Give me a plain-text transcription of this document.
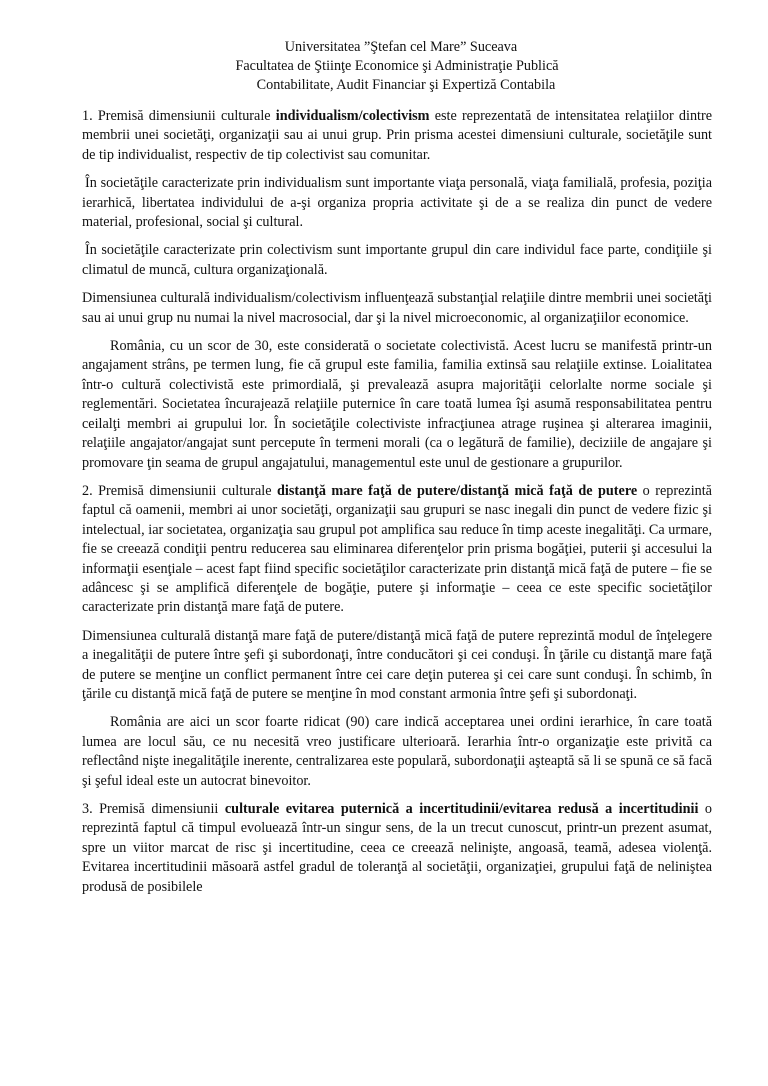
Universitatea ”Ştefan cel Mare” Suceava
Facultatea de Ştiinţe Economice şi Administraţie Publică
Contabilitate, Audit Financiar şi Expertiză Contabila

1. Premisă dimensiunii culturale individualism/colectivism este reprezentată de intensitatea relaţiilor dintre membrii unei societăţi, organizaţii sau ai unui grup. Prin prisma acestei dimensiuni culturale, societăţile sunt de tip individualist, respectiv de tip colectivist sau comunitar.

În societăţile caracterizate prin individualism sunt importante viaţa personală, viaţa familială, profesia, poziţia ierarhică, libertatea individului de a-şi organiza propria activitate şi de a se realiza din punct de vedere material, profesional, social şi cultural.

În societăţile caracterizate prin colectivism sunt importante grupul din care individul face parte, condiţiile şi climatul de muncă, cultura organizaţională.

Dimensiunea culturală individualism/colectivism influenţează substanţial relaţiile dintre membrii unei societăţi sau ai unui grup nu numai la nivel macrosocial, dar şi la nivel microeconomic, al organizaţiilor economice.

România, cu un scor de 30, este considerată o societate colectivistă. Acest lucru se manifestă printr-un angajament strâns, pe termen lung, fie că grupul este familia, familia extinsă sau relaţiile extinse. Loialitatea într-o cultură colectivistă este primordială, şi prevalează asupra majorităţii celorlalte norme sociale şi reglementări. Societatea încurajează relaţiile puternice în care toată lumea îşi asumă responsabilitatea pentru ceilalţi membri ai grupului lor. În societăţile colectiviste infracţiunea atrage ruşinea şi alterarea imaginii, relaţiile angajator/angajat sunt percepute în termeni morali (ca o legătură de familie), deciziile de angajare şi promovare ţin seama de grupul angajatului, managementul este unul de gestionare a grupurilor.

2. Premisă dimensiunii culturale distanţă mare faţă de putere/distanţă mică faţă de putere o reprezintă faptul că oamenii, membri ai unor societăţi, organizaţii sau grupuri se nasc inegali din punct de vedere fizic şi intelectual, iar societatea, organizaţia sau grupul pot amplifica sau reduce în timp aceste inegalităţi. Ca urmare, fie se creează condiţii pentru reducerea sau eliminarea diferenţelor prin prisma bogăţiei, puterii şi accesului la informaţii esenţiale – acest fapt fiind specific societăţilor caracterizate prin distanţă mică faţă de putere – fie se adâncesc şi se amplifică diferenţele de bogăţie, putere şi informaţie – ceea ce este specific societăţilor caracterizate prin distanţă mare faţă de putere.

Dimensiunea culturală distanţă mare faţă de putere/distanţă mică faţă de putere reprezintă modul de înţelegere a inegalităţii de putere între şefi şi subordonaţi, între conducători şi cei conduşi. În ţările cu distanţă mare faţă de putere se menţine un conflict permanent între cei care deţin puterea şi cei care sunt conduşi. În schimb, în ţările cu distanţă mică faţă de putere se menţine în mod constant armonia între şefi şi subordonaţi.

România are aici un scor foarte ridicat (90) care indică acceptarea unei ordini ierarhice, în care toată lumea are locul său, ce nu necesită vreo justificare ulterioară. Ierarhia într-o organizaţie este privită ca reflectând nişte inegalităţile inerente, centralizarea este populară, subordonaţii aşteaptă să li se spună ce să facă şi şeful ideal este un autocrat binevoitor.

3. Premisă dimensiunii culturale evitarea puternică a incertitudinii/evitarea redusă a incertitudinii o reprezintă faptul că timpul evoluează într-un singur sens, de la un trecut cunoscut, printr-un prezent asumat, spre un viitor marcat de risc şi incertitudine, ceea ce creează nelinişte, angoasă, teamă, adesea violenţă. Evitarea incertitudinii măsoară astfel gradul de toleranţă al societăţii, organizaţiei, grupului faţă de neliniştea produsă de posibilele
